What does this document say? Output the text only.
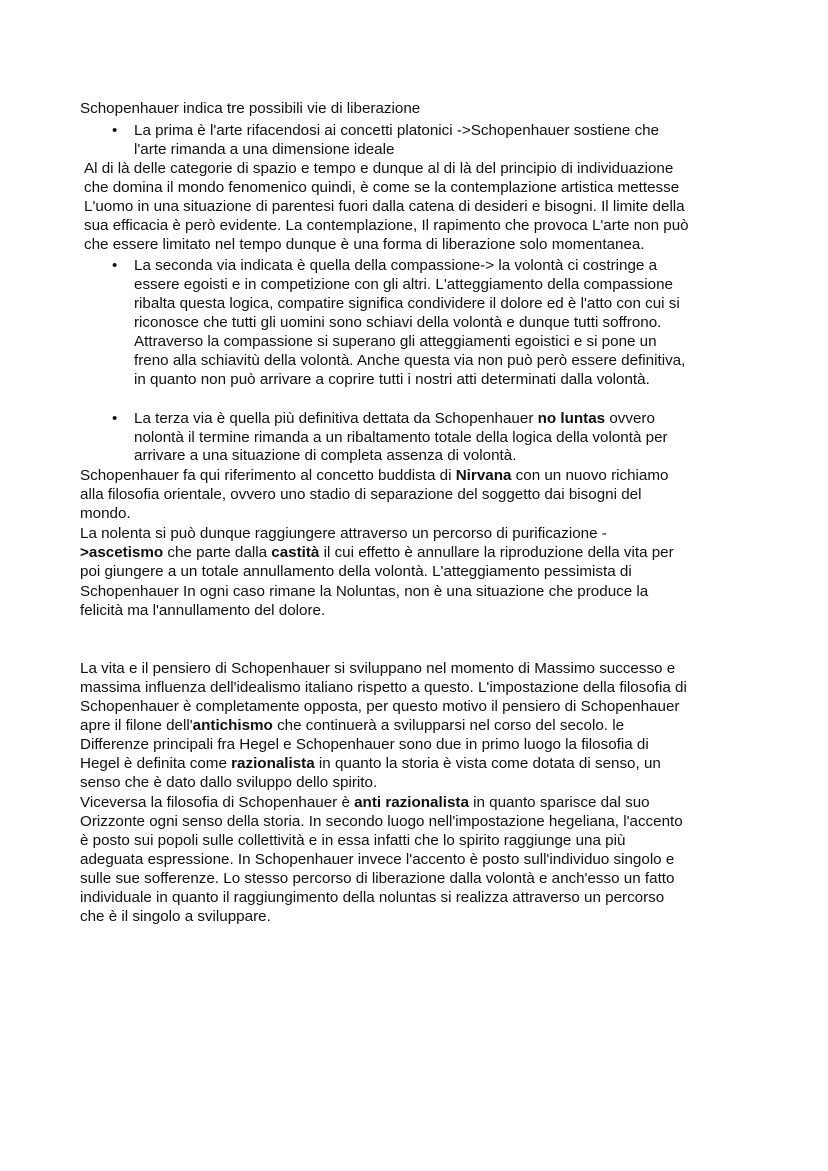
Schopenhauer indica tre possibili vie di liberazione
• La prima è l'arte rifacendosi ai concetti platonici ->Schopenhauer sostiene che
l'arte rimanda a una dimensione ideale
Al di là delle categorie di spazio e tempo e dunque al di là del principio di individuazione
che domina il mondo fenomenico quindi, è come se la contemplazione artistica mettesse
L'uomo in una situazione di parentesi fuori dalla catena di desideri e bisogni. Il limite della
sua efficacia è però evidente. La contemplazione, Il rapimento che provoca L'arte non può
che essere limitato nel tempo dunque è una forma di liberazione solo momentanea.
• La seconda via indicata è quella della compassione-> la volontà ci costringe a
essere egoisti e in competizione con gli altri. L'atteggiamento della compassione
ribalta questa logica, compatire significa condividere il dolore ed è l'atto con cui si
riconosce che tutti gli uomini sono schiavi della volontà e dunque tutti soffrono.
Attraverso la compassione si superano gli atteggiamenti egoistici e si pone un
freno alla schiavitù della volontà. Anche questa via non può però essere definitiva,
in quanto non può arrivare a coprire tutti i nostri atti determinati dalla volontà.
• La terza via è quella più definitiva dettata da Schopenhauer no luntas ovvero
nolontà il termine rimanda a un ribaltamento totale della logica della volontà per
arrivare a una situazione di completa assenza di volontà.
Schopenhauer fa qui riferimento al concetto buddista di Nirvana con un nuovo richiamo
alla filosofia orientale, ovvero uno stadio di separazione del soggetto dai bisogni del
mondo.
La nolenta si può dunque raggiungere attraverso un percorso di purificazione -
>ascetismo che parte dalla castità il cui effetto è annullare la riproduzione della vita per
poi giungere a un totale annullamento della volontà. L'atteggiamento pessimista di
Schopenhauer In ogni caso rimane la Noluntas, non è una situazione che produce la
felicità ma l'annullamento del dolore.
La vita e il pensiero di Schopenhauer si sviluppano nel momento di Massimo successo e
massima influenza dell'idealismo italiano rispetto a questo. L'impostazione della filosofia di
Schopenhauer è completamente opposta, per questo motivo il pensiero di Schopenhauer
apre il filone dell'antichismo che continuerà a svilupparsi nel corso del secolo. le
Differenze principali fra Hegel e Schopenhauer sono due in primo luogo la filosofia di
Hegel è definita come razionalista in quanto la storia è vista come dotata di senso, un
senso che è dato dallo sviluppo dello spirito.
Viceversa la filosofia di Schopenhauer è anti razionalista in quanto sparisce dal suo
Orizzonte ogni senso della storia. In secondo luogo nell'impostazione hegeliana, l'accento
è posto sui popoli sulle collettività e in essa infatti che lo spirito raggiunge una più
adeguata espressione. In Schopenhauer invece l'accento è posto sull'individuo singolo e
sulle sue sofferenze. Lo stesso percorso di liberazione dalla volontà e anch'esso un fatto
individuale in quanto il raggiungimento della noluntas si realizza attraverso un percorso
che è il singolo a sviluppare.
